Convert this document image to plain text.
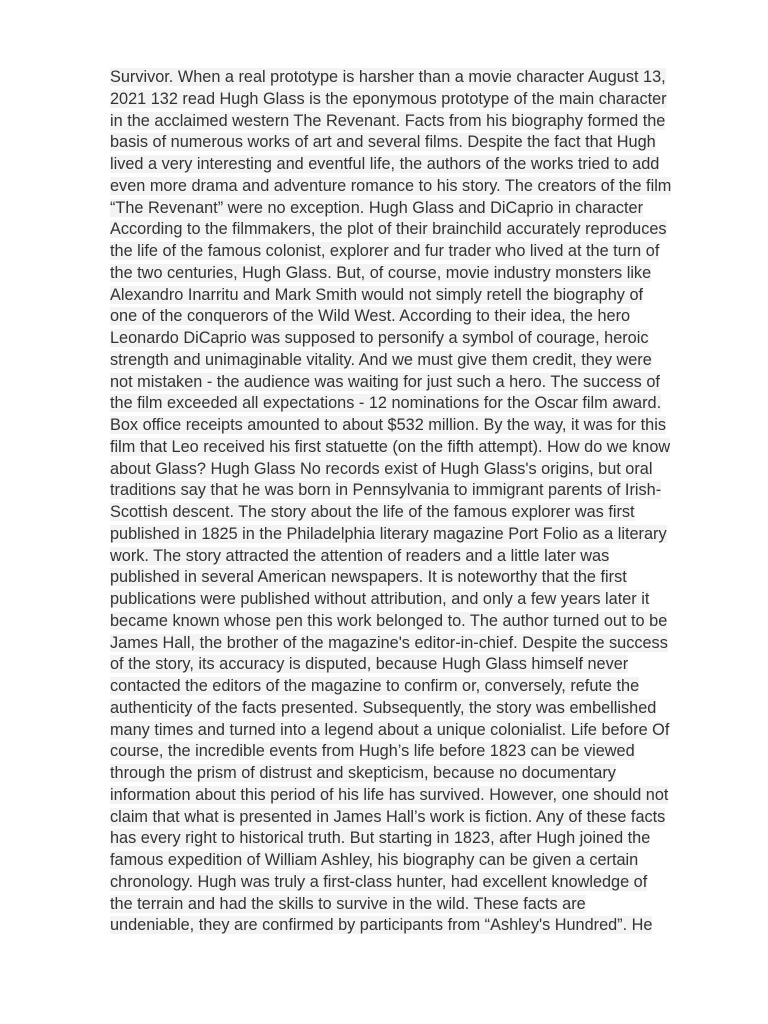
Survivor. When a real prototype is harsher than a movie character August 13,
2021 132 read Hugh Glass is the eponymous prototype of the main character
in the acclaimed western The Revenant. Facts from his biography formed the
basis of numerous works of art and several films. Despite the fact that Hugh
lived a very interesting and eventful life, the authors of the works tried to add
even more drama and adventure romance to his story. The creators of the film
“The Revenant” were no exception. Hugh Glass and DiCaprio in character
According to the filmmakers, the plot of their brainchild accurately reproduces
the life of the famous colonist, explorer and fur trader who lived at the turn of
the two centuries, Hugh Glass. But, of course, movie industry monsters like
Alexandro Inarritu and Mark Smith would not simply retell the biography of
one of the conquerors of the Wild West. According to their idea, the hero
Leonardo DiCaprio was supposed to personify a symbol of courage, heroic
strength and unimaginable vitality. And we must give them credit, they were
not mistaken - the audience was waiting for just such a hero. The success of
the film exceeded all expectations - 12 nominations for the Oscar film award.
Box office receipts amounted to about $532 million. By the way, it was for this
film that Leo received his first statuette (on the fifth attempt). How do we know
about Glass? Hugh Glass No records exist of Hugh Glass's origins, but oral
traditions say that he was born in Pennsylvania to immigrant parents of Irish-
Scottish descent. The story about the life of the famous explorer was first
published in 1825 in the Philadelphia literary magazine Port Folio as a literary
work. The story attracted the attention of readers and a little later was
published in several American newspapers. It is noteworthy that the first
publications were published without attribution, and only a few years later it
became known whose pen this work belonged to. The author turned out to be
James Hall, the brother of the magazine's editor-in-chief. Despite the success
of the story, its accuracy is disputed, because Hugh Glass himself never
contacted the editors of the magazine to confirm or, conversely, refute the
authenticity of the facts presented. Subsequently, the story was embellished
many times and turned into a legend about a unique colonialist. Life before Of
course, the incredible events from Hugh’s life before 1823 can be viewed
through the prism of distrust and skepticism, because no documentary
information about this period of his life has survived. However, one should not
claim that what is presented in James Hall’s work is fiction. Any of these facts
has every right to historical truth. But starting in 1823, after Hugh joined the
famous expedition of William Ashley, his biography can be given a certain
chronology. Hugh was truly a first-class hunter, had excellent knowledge of
the terrain and had the skills to survive in the wild. These facts are
undeniable, they are confirmed by participants from “Ashley's Hundred”. He
